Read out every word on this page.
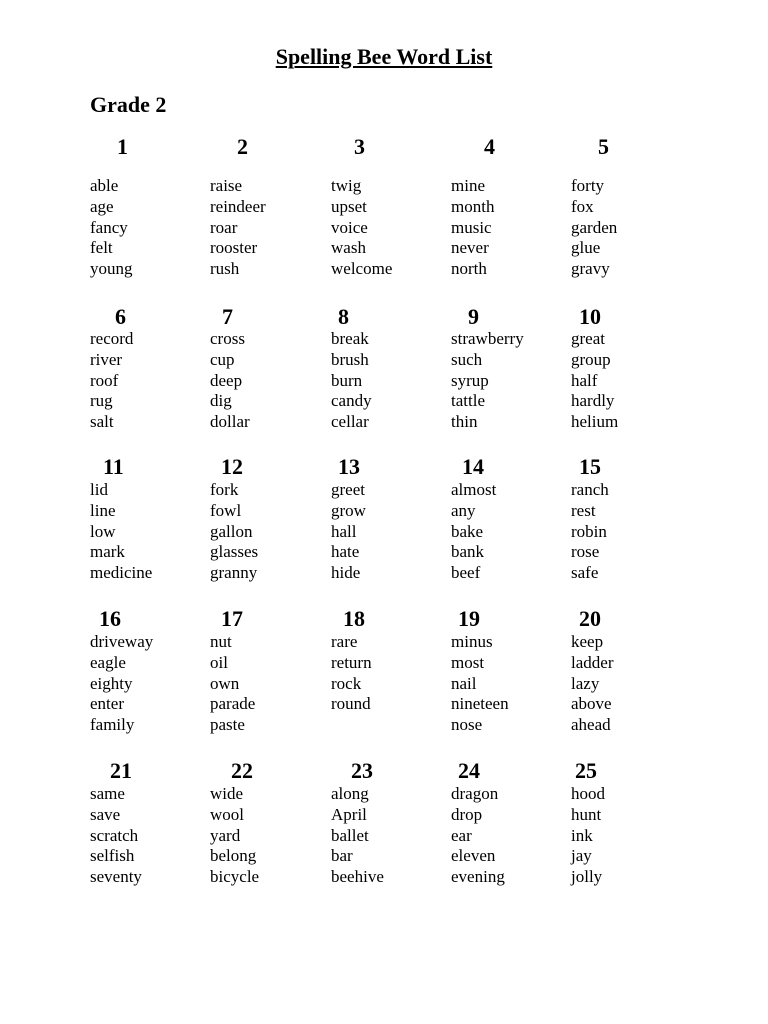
Spelling Bee Word List
Grade 2
1
able
age
fancy
felt
young
2
raise
reindeer
roar
rooster
rush
3
twig
upset
voice
wash
welcome
4
mine
month
music
never
north
5
forty
fox
garden
glue
gravy
6
record
river
roof
rug
salt
7
cross
cup
deep
dig
dollar
8
break
brush
burn
candy
cellar
9
strawberry
such
syrup
tattle
thin
10
great
group
half
hardly
helium
11
lid
line
low
mark
medicine
12
fork
fowl
gallon
glasses
granny
13
greet
grow
hall
hate
hide
14
almost
any
bake
bank
beef
15
ranch
rest
robin
rose
safe
16
driveway
eagle
eighty
enter
family
17
nut
oil
own
parade
paste
18
rare
return
rock
round
19
minus
most
nail
nineteen
nose
20
keep
ladder
lazy
above
ahead
21
same
save
scratch
selfish
seventy
22
wide
wool
yard
belong
bicycle
23
along
April
ballet
bar
beehive
24
dragon
drop
ear
eleven
evening
25
hood
hunt
ink
jay
jolly
